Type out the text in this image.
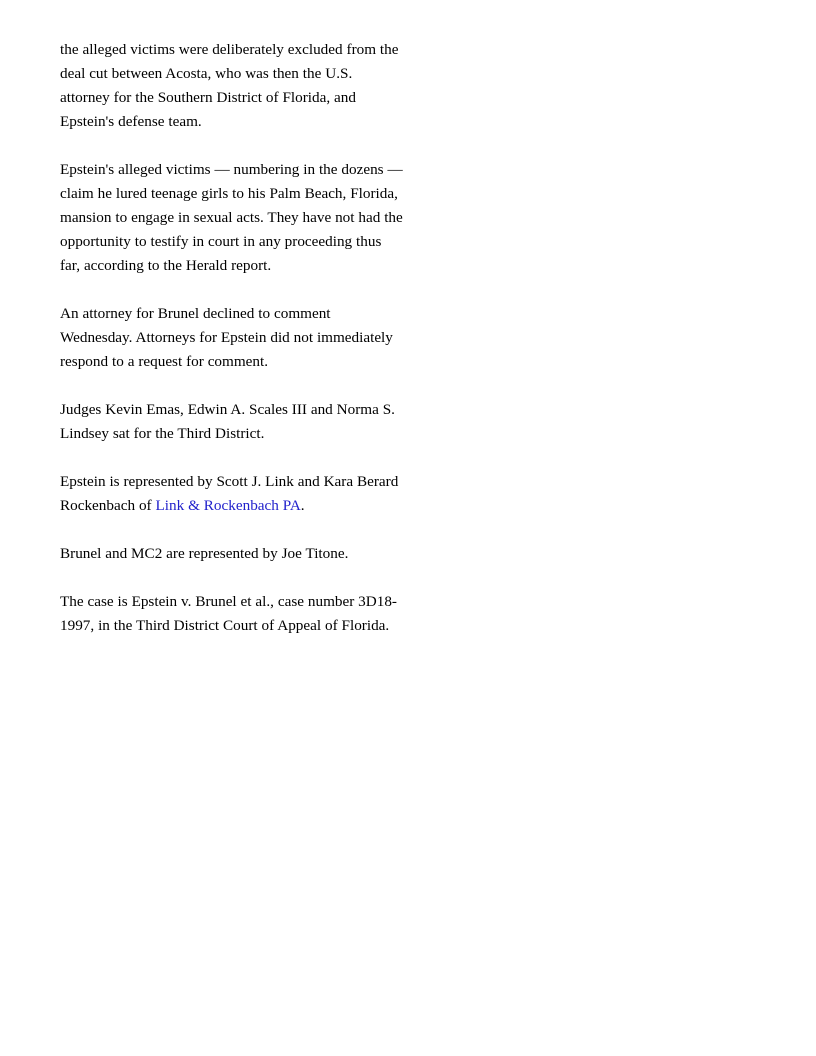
the alleged victims were deliberately excluded from the deal cut between Acosta, who was then the U.S. attorney for the Southern District of Florida, and Epstein's defense team.

Epstein's alleged victims — numbering in the dozens — claim he lured teenage girls to his Palm Beach, Florida, mansion to engage in sexual acts. They have not had the opportunity to testify in court in any proceeding thus far, according to the Herald report.

An attorney for Brunel declined to comment Wednesday. Attorneys for Epstein did not immediately respond to a request for comment.

Judges Kevin Emas, Edwin A. Scales III and Norma S. Lindsey sat for the Third District.

Epstein is represented by Scott J. Link and Kara Berard Rockenbach of Link & Rockenbach PA.

Brunel and MC2 are represented by Joe Titone.

The case is Epstein v. Brunel et al., case number 3D18-1997, in the Third District Court of Appeal of Florida.
